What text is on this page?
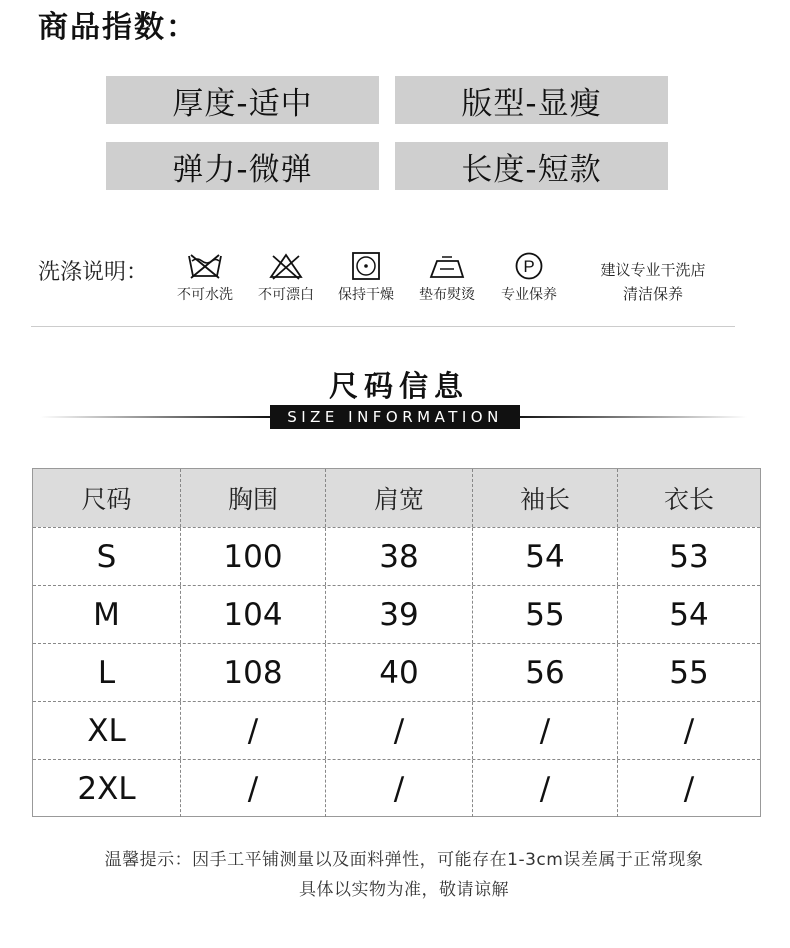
商品指数：
厚度-适中	版型-显瘦
弹力-微弹	长度-短款
洗涤说明：
不可水洗	不可漂白	保持干燥	垫布熨烫
P
专业保养
建议专业干洗店
清洁保养
尺码信息
SIZE INFORMATION
尺码	胸围	肩宽	袖长	衣长
S	100	38	54	53
M	104	39	55	54
L	108	40	56	55
XL	/	/	/	/
2XL	/	/	/	/
温馨提示：因手工平铺测量以及面料弹性，可能存在1-3cm误差属于正常现象
具体以实物为准，敬请谅解
